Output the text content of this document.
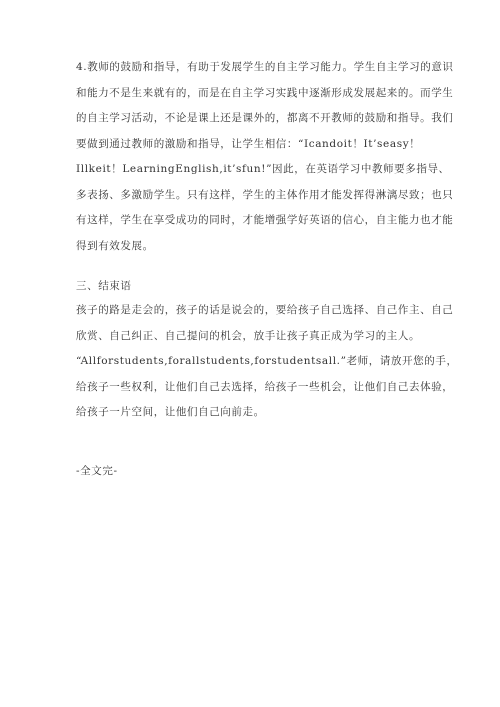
4.教师的鼓励和指导，有助于发展学生的自主学习能力。学生自主学习的意识
和能力不是生来就有的，而是在自主学习实践中逐渐形成发展起来的。而学生
的自主学习活动，不论是课上还是课外的，都离不开教师的鼓励和指导。我们
要做到通过教师的激励和指导，让学生相信：“Icandoit！It’seasy！
Illkeit！LearningEnglish,it’sfun!”因此，在英语学习中教师要多指导、
多表扬、多激励学生。只有这样，学生的主体作用才能发挥得淋漓尽致；也只
有这样，学生在享受成功的同时，才能增强学好英语的信心，自主能力也才能
得到有效发展。
三、结束语
孩子的路是走会的，孩子的话是说会的，要给孩子自己选择、自己作主、自己
欣赏、自己纠正、自己提问的机会，放手让孩子真正成为学习的主人。
“Allforstudents,forallstudents,forstudentsall.”老师，请放开您的手，
给孩子一些权利，让他们自己去选择，给孩子一些机会，让他们自己去体验，
给孩子一片空间，让他们自己向前走。
-全文完-
